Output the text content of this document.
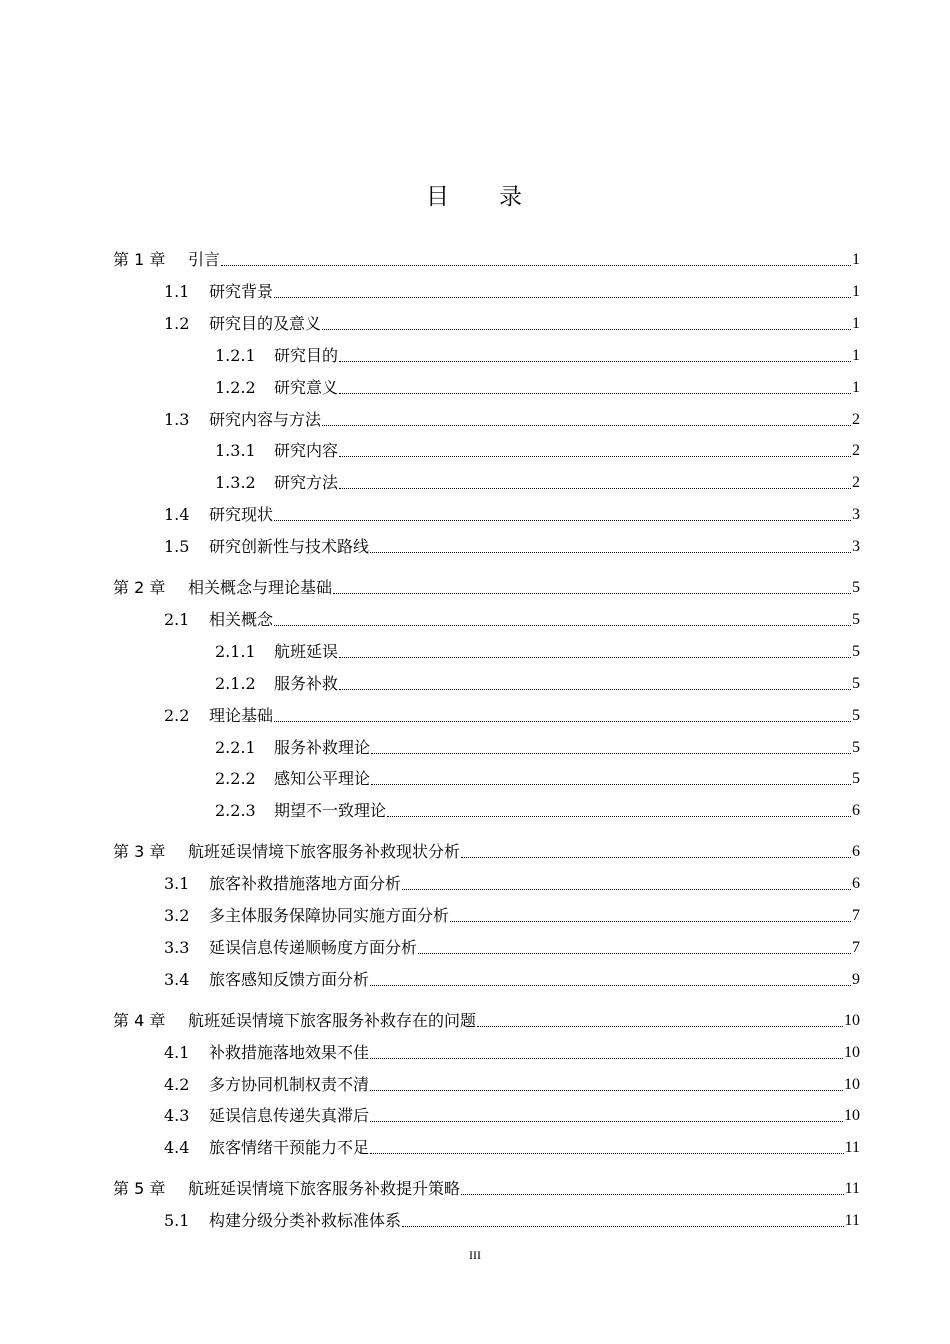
目 录
第 1 章	引言	1
1.1	研究背景	1
1.2	研究目的及意义	1
1.2.1	研究目的	1
1.2.2	研究意义	1
1.3	研究内容与方法	2
1.3.1	研究内容	2
1.3.2	研究方法	2
1.4	研究现状	3
1.5	研究创新性与技术路线	3
第 2 章	相关概念与理论基础	5
2.1	相关概念	5
2.1.1	航班延误	5
2.1.2	服务补救	5
2.2	理论基础	5
2.2.1	服务补救理论	5
2.2.2	感知公平理论	5
2.2.3	期望不一致理论	6
第 3 章	航班延误情境下旅客服务补救现状分析	6
3.1	旅客补救措施落地方面分析	6
3.2	多主体服务保障协同实施方面分析	7
3.3	延误信息传递顺畅度方面分析	7
3.4	旅客感知反馈方面分析	9
第 4 章	航班延误情境下旅客服务补救存在的问题	10
4.1	补救措施落地效果不佳	10
4.2	多方协同机制权责不清	10
4.3	延误信息传递失真滞后	10
4.4	旅客情绪干预能力不足	11
第 5 章	航班延误情境下旅客服务补救提升策略	11
5.1	构建分级分类补救标准体系	11
III
